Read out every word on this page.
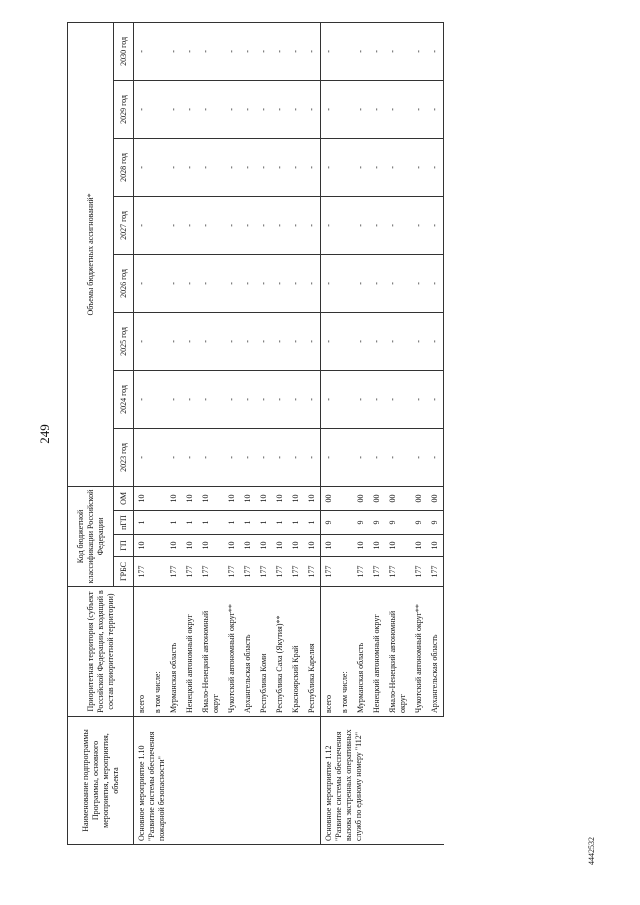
249
4442532
Наименование подпрограммы Программы, основного мероприятия, мероприятия, объекта	Приоритетная территория (субъект Российской Федерации, входящий в состав приоритетной территории)	Код бюджетной классификации Российской Федерации				Объемы бюджетных ассигнований*							
		ГРБС	ГП	пГП	ОМ	2023 год	2024 год	2025 год	2026 год	2027 год	2028 год	2029 год	2030 год
Основное мероприятие 1.10 "Развитие системы обеспечения пожарной безопасности"	всего	177	10	1	10	-	-	-	-	-	-	-	-
	в том числе:												
	Мурманская область	177	10	1	10	-	-	-	-	-	-	-	-
	Ненецкий автономный округ	177	10	1	10	-	-	-	-	-	-	-	-
	Ямало-Ненецкий автономный округ	177	10	1	10	-	-	-	-	-	-	-	-
	Чукотский автономный округ**	177	10	1	10	-	-	-	-	-	-	-	-
	Архангельская область	177	10	1	10	-	-	-	-	-	-	-	-
	Республика Коми	177	10	1	10	-	-	-	-	-	-	-	-
	Республика Саха (Якутия)**	177	10	1	10	-	-	-	-	-	-	-	-
	Красноярский Край	177	10	1	10	-	-	-	-	-	-	-	-
	Республика Карелия	177	10	1	10	-	-	-	-	-	-	-	-
Основное мероприятие 1.12 "Развитие системы обеспечения вызова экстренных оперативных служб по единому номеру "112"	всего	177	10	9	00	-	-	-	-	-	-	-	-
	в том числе:												
	Мурманская область	177	10	9	00	-	-	-	-	-	-	-	-
	Ненецкий автономный округ	177	10	9	00	-	-	-	-	-	-	-	-
	Ямало-Ненецкий автономный округ	177	10	9	00	-	-	-	-	-	-	-	-
	Чукотский автономный округ**	177	10	9	00	-	-	-	-	-	-	-	-
	Архангельская область	177	10	9	00	-	-	-	-	-	-	-	-
